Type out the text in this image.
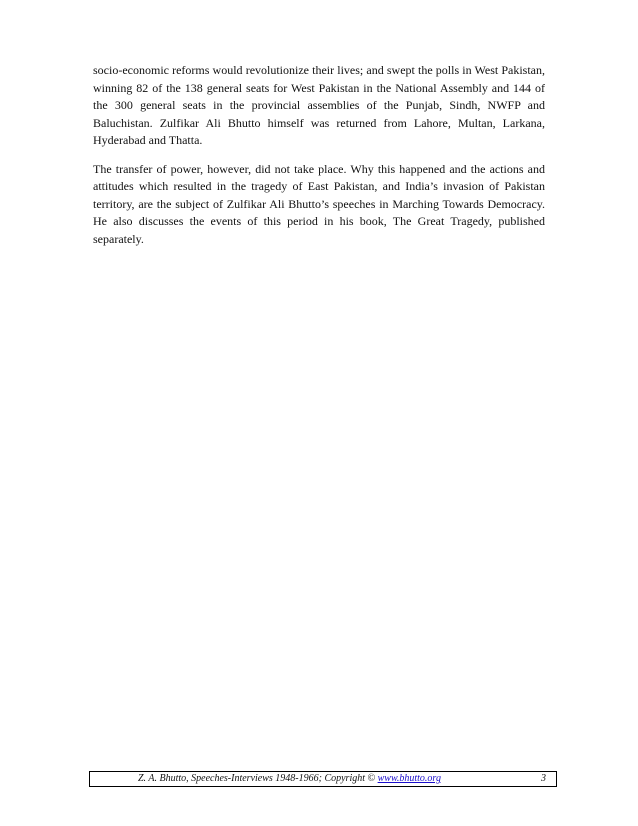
socio-economic reforms would revolutionize their lives; and swept the polls in West Pakistan, winning 82 of the 138 general seats for West Pakistan in the National Assembly and 144 of the 300 general seats in the provincial assemblies of the Punjab, Sindh, NWFP and Baluchistan. Zulfikar Ali Bhutto himself was returned from Lahore, Multan, Larkana, Hyderabad and Thatta.

The transfer of power, however, did not take place. Why this happened and the actions and attitudes which resulted in the tragedy of East Pakistan, and India’s invasion of Pakistan territory, are the subject of Zulfikar Ali Bhutto’s speeches in Marching Towards Democracy. He also discusses the events of this period in his book, The Great Tragedy, published separately.

Z. A. Bhutto, Speeches-Interviews 1948-1966; Copyright © www.bhutto.org	3
